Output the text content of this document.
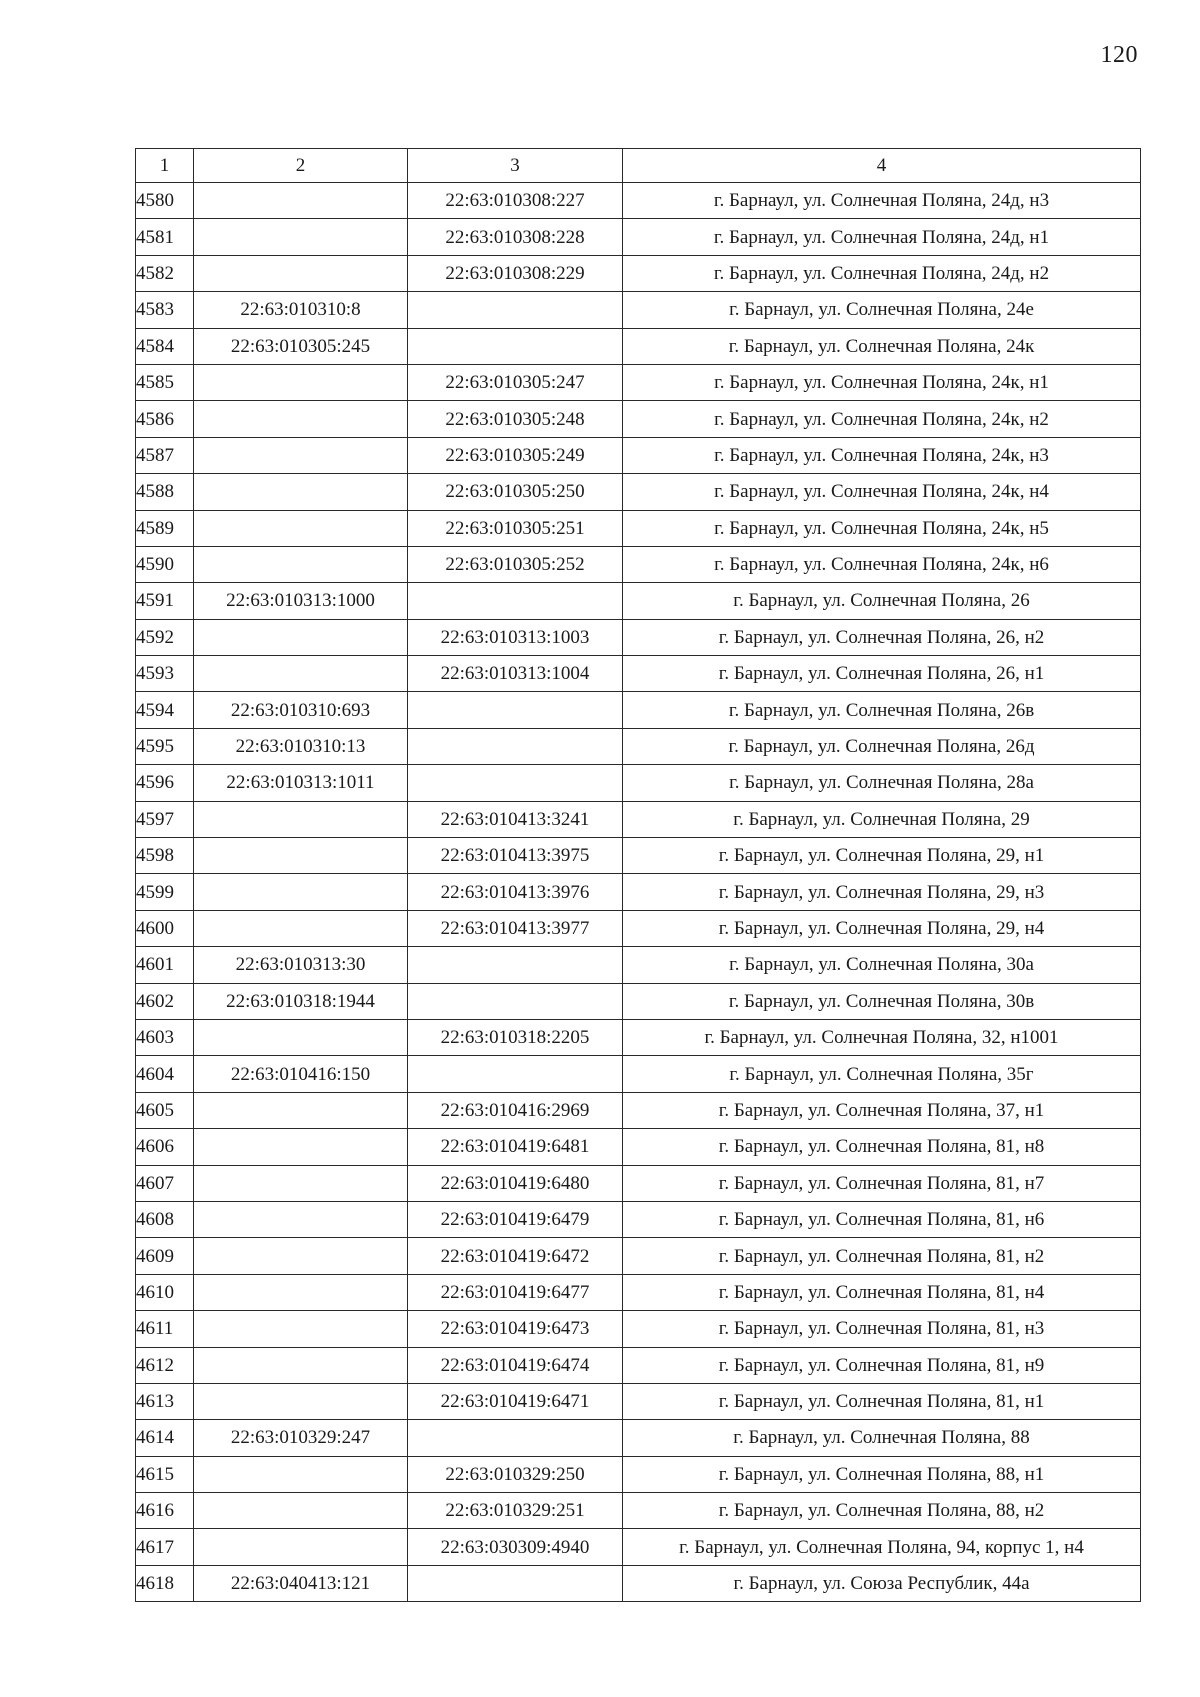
120
1	2	3	4
4580		22:63:010308:227	г. Барнаул, ул. Солнечная Поляна, 24д, н3
4581		22:63:010308:228	г. Барнаул, ул. Солнечная Поляна, 24д, н1
4582		22:63:010308:229	г. Барнаул, ул. Солнечная Поляна, 24д, н2
4583	22:63:010310:8		г. Барнаул, ул. Солнечная Поляна, 24е
4584	22:63:010305:245		г. Барнаул, ул. Солнечная Поляна, 24к
4585		22:63:010305:247	г. Барнаул, ул. Солнечная Поляна, 24к, н1
4586		22:63:010305:248	г. Барнаул, ул. Солнечная Поляна, 24к, н2
4587		22:63:010305:249	г. Барнаул, ул. Солнечная Поляна, 24к, н3
4588		22:63:010305:250	г. Барнаул, ул. Солнечная Поляна, 24к, н4
4589		22:63:010305:251	г. Барнаул, ул. Солнечная Поляна, 24к, н5
4590		22:63:010305:252	г. Барнаул, ул. Солнечная Поляна, 24к, н6
4591	22:63:010313:1000		г. Барнаул, ул. Солнечная Поляна, 26
4592		22:63:010313:1003	г. Барнаул, ул. Солнечная Поляна, 26, н2
4593		22:63:010313:1004	г. Барнаул, ул. Солнечная Поляна, 26, н1
4594	22:63:010310:693		г. Барнаул, ул. Солнечная Поляна, 26в
4595	22:63:010310:13		г. Барнаул, ул. Солнечная Поляна, 26д
4596	22:63:010313:1011		г. Барнаул, ул. Солнечная Поляна, 28а
4597		22:63:010413:3241	г. Барнаул, ул. Солнечная Поляна, 29
4598		22:63:010413:3975	г. Барнаул, ул. Солнечная Поляна, 29, н1
4599		22:63:010413:3976	г. Барнаул, ул. Солнечная Поляна, 29, н3
4600		22:63:010413:3977	г. Барнаул, ул. Солнечная Поляна, 29, н4
4601	22:63:010313:30		г. Барнаул, ул. Солнечная Поляна, 30а
4602	22:63:010318:1944		г. Барнаул, ул. Солнечная Поляна, 30в
4603		22:63:010318:2205	г. Барнаул, ул. Солнечная Поляна, 32, н1001
4604	22:63:010416:150		г. Барнаул, ул. Солнечная Поляна, 35г
4605		22:63:010416:2969	г. Барнаул, ул. Солнечная Поляна, 37, н1
4606		22:63:010419:6481	г. Барнаул, ул. Солнечная Поляна, 81, н8
4607		22:63:010419:6480	г. Барнаул, ул. Солнечная Поляна, 81, н7
4608		22:63:010419:6479	г. Барнаул, ул. Солнечная Поляна, 81, н6
4609		22:63:010419:6472	г. Барнаул, ул. Солнечная Поляна, 81, н2
4610		22:63:010419:6477	г. Барнаул, ул. Солнечная Поляна, 81, н4
4611		22:63:010419:6473	г. Барнаул, ул. Солнечная Поляна, 81, н3
4612		22:63:010419:6474	г. Барнаул, ул. Солнечная Поляна, 81, н9
4613		22:63:010419:6471	г. Барнаул, ул. Солнечная Поляна, 81, н1
4614	22:63:010329:247		г. Барнаул, ул. Солнечная Поляна, 88
4615		22:63:010329:250	г. Барнаул, ул. Солнечная Поляна, 88, н1
4616		22:63:010329:251	г. Барнаул, ул. Солнечная Поляна, 88, н2
4617		22:63:030309:4940	г. Барнаул, ул. Солнечная Поляна, 94, корпус 1, н4
4618	22:63:040413:121		г. Барнаул, ул. Союза Республик, 44а
